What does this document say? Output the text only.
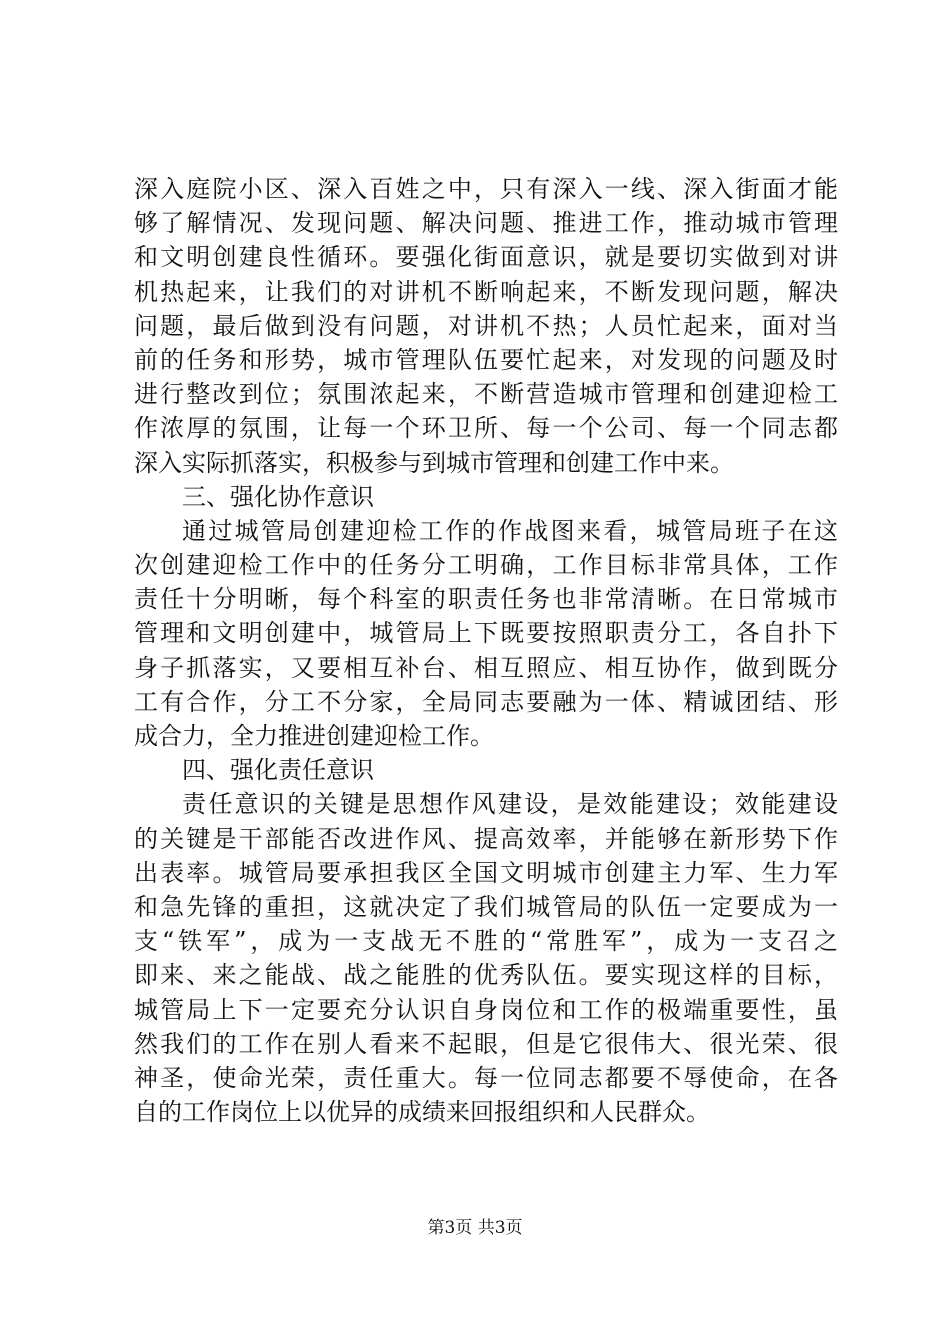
深入庭院小区、深入百姓之中，只有深入一线、深入街面才能
够了解情况、发现问题、解决问题、推进工作，推动城市管理
和文明创建良性循环。要强化街面意识，就是要切实做到对讲
机热起来，让我们的对讲机不断响起来，不断发现问题，解决
问题，最后做到没有问题，对讲机不热；人员忙起来，面对当
前的任务和形势，城市管理队伍要忙起来，对发现的问题及时
进行整改到位；氛围浓起来，不断营造城市管理和创建迎检工
作浓厚的氛围，让每一个环卫所、每一个公司、每一个同志都
深入实际抓落实，积极参与到城市管理和创建工作中来。
三、强化协作意识
通过城管局创建迎检工作的作战图来看，城管局班子在这
次创建迎检工作中的任务分工明确，工作目标非常具体，工作
责任十分明晰，每个科室的职责任务也非常清晰。在日常城市
管理和文明创建中，城管局上下既要按照职责分工，各自扑下
身子抓落实，又要相互补台、相互照应、相互协作，做到既分
工有合作，分工不分家，全局同志要融为一体、精诚团结、形
成合力，全力推进创建迎检工作。
四、强化责任意识
责任意识的关键是思想作风建设，是效能建设；效能建设
的关键是干部能否改进作风、提高效率，并能够在新形势下作
出表率。城管局要承担我区全国文明城市创建主力军、生力军
和急先锋的重担，这就决定了我们城管局的队伍一定要成为一
支“铁军”，成为一支战无不胜的“常胜军”，成为一支召之
即来、来之能战、战之能胜的优秀队伍。要实现这样的目标，
城管局上下一定要充分认识自身岗位和工作的极端重要性，虽
然我们的工作在别人看来不起眼，但是它很伟大、很光荣、很
神圣，使命光荣，责任重大。每一位同志都要不辱使命，在各
自的工作岗位上以优异的成绩来回报组织和人民群众。
第3页 共3页
